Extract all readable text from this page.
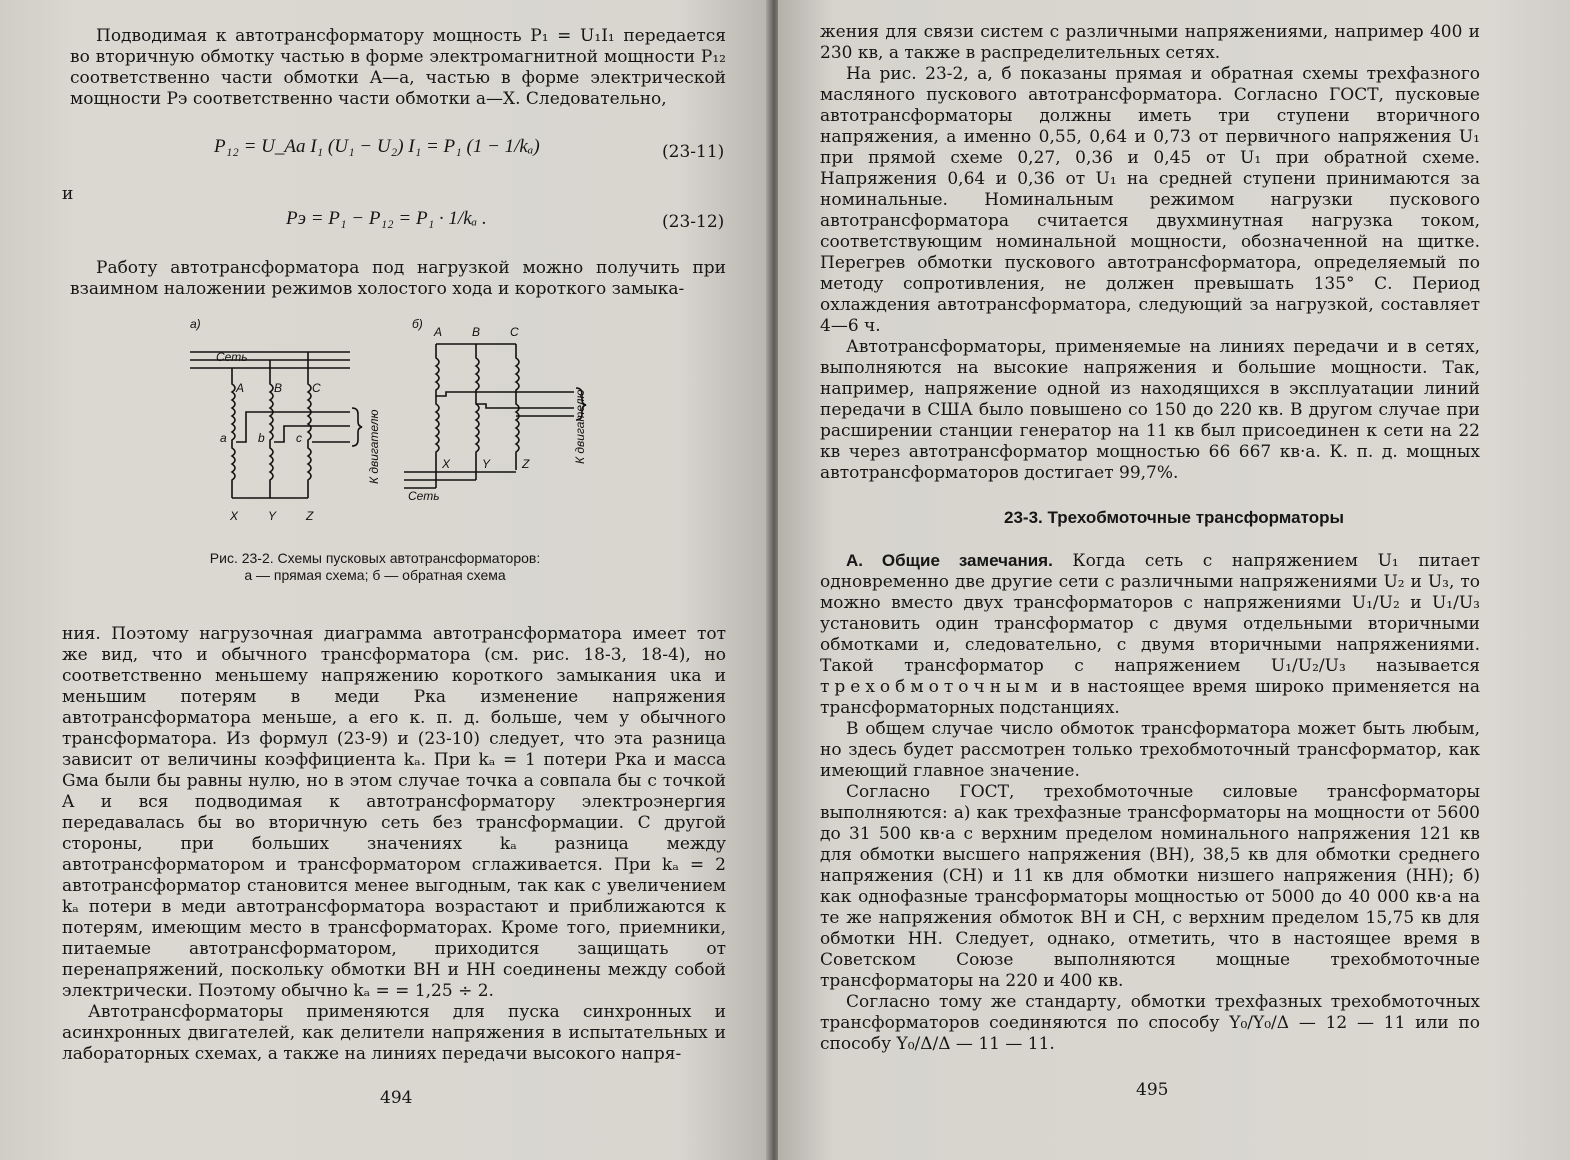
Подводимая к автотрансформатору мощность P₁ = U₁I₁ передается во вторичную обмотку частью в форме электромагнитной мощности P₁₂ соответственно части обмотки A—a, частью в форме электрической мощности Pэ соответственно части обмотки a—X. Следовательно,

P₁₂ = U_Aa I₁ (U₁ − U₂) I₁ = P₁ (1 − 1/kₐ)	(23-11)
и
Pэ = P₁ − P₁₂ = P₁ · 1/kₐ .	(23-12)

Работу автотрансформатора под нагрузкой можно получить при взаимном наложении режимов холостого хода и короткого замыка-

а)
Сеть
A B C
a	b	c
X Y Z
К двигателю
б)
A B C
Сеть
X	Y	Z	К двигателю
Рис. 23-2. Схемы пусковых автотрансформаторов:
а — прямая схема; б — обратная схема

ния. Поэтому нагрузочная диаграмма автотрансформатора имеет тот же вид, что и обычного трансформатора (см. рис. 18-3, 18-4), но соответственно меньшему напряжению короткого замыкания uка и меньшим потерям в меди Pка изменение напряжения автотрансформатора меньше, а его к. п. д. больше, чем у обычного трансформатора. Из формул (23-9) и (23-10) следует, что эта разница зависит от величины коэффициента kₐ. При kₐ = 1 потери Pка и масса Gма были бы равны нулю, но в этом случае точка a совпала бы с точкой A и вся подводимая к автотрансформатору электроэнергия передавалась бы во вторичную сеть без трансформации. С другой стороны, при больших значениях kₐ разница между автотрансформатором и трансформатором сглаживается. При kₐ = 2 автотрансформатор становится менее выгодным, так как с увеличением kₐ потери в меди автотрансформатора возрастают и приближаются к потерям, имеющим место в трансформаторах. Кроме того, приемники, питаемые автотрансформатором, приходится защищать от перенапряжений, поскольку обмотки ВН и НН соединены между собой электрически. Поэтому обычно kₐ = = 1,25 ÷ 2.

Автотрансформаторы применяются для пуска синхронных и асинхронных двигателей, как делители напряжения в испытательных и лабораторных схемах, а также на линиях передачи высокого напря-

494

жения для связи систем с различными напряжениями, например 400 и 230 кв, а также в распределительных сетях.

На рис. 23-2, а, б показаны прямая и обратная схемы трехфазного масляного пускового автотрансформатора. Согласно ГОСТ, пусковые автотрансформаторы должны иметь три ступени вторичного напряжения, а именно 0,55, 0,64 и 0,73 от первичного напряжения U₁ при прямой схеме 0,27, 0,36 и 0,45 от U₁ при обратной схеме. Напряжения 0,64 и 0,36 от U₁ на средней ступени принимаются за номинальные. Номинальным режимом нагрузки пускового автотрансформатора считается двухминутная нагрузка током, соответствующим номинальной мощности, обозначенной на щитке. Перегрев обмотки пускового автотрансформатора, определяемый по методу сопротивления, не должен превышать 135° С. Период охлаждения автотрансформатора, следующий за нагрузкой, составляет 4—6 ч.

Автотрансформаторы, применяемые на линиях передачи и в сетях, выполняются на высокие напряжения и большие мощности. Так, например, напряжение одной из находящихся в эксплуатации линий передачи в США было повышено со 150 до 220 кв. В другом случае при расширении станции генератор на 11 кв был присоединен к сети на 22 кв через автотрансформатор мощностью 66 667 кв·а. К. п. д. мощных автотрансформаторов достигает 99,7%.

23-3. Трехобмоточные трансформаторы

А. Общие замечания. Когда сеть с напряжением U₁ питает одновременно две другие сети с различными напряжениями U₂ и U₃, то можно вместо двух трансформаторов с напряжениями U₁/U₂ и U₁/U₃ установить один трансформатор с двумя отдельными вторичными обмотками и, следовательно, с двумя вторичными напряжениями. Такой трансформатор с напряжением U₁/U₂/U₃ называется трехобмоточным и в настоящее время широко применяется на трансформаторных подстанциях.

В общем случае число обмоток трансформатора может быть любым, но здесь будет рассмотрен только трехобмоточный трансформатор, как имеющий главное значение.

Согласно ГОСТ, трехобмоточные силовые трансформаторы выполняются: а) как трехфазные трансформаторы на мощности от 5600 до 31 500 кв·а с верхним пределом номинального напряжения 121 кв для обмотки высшего напряжения (ВН), 38,5 кв для обмотки среднего напряжения (СН) и 11 кв для обмотки низшего напряжения (НН); б) как однофазные трансформаторы мощностью от 5000 до 40 000 кв·а на те же напряжения обмоток ВН и СН, с верхним пределом 15,75 кв для обмотки НН. Следует, однако, отметить, что в настоящее время в Советском Союзе выполняются мощные трехобмоточные трансформаторы на 220 и 400 кв.

Согласно тому же стандарту, обмотки трехфазных трехобмоточных трансформаторов соединяются по способу Y₀/Y₀/Δ — 12 — 11 или по способу Y₀/Δ/Δ — 11 — 11.

495
